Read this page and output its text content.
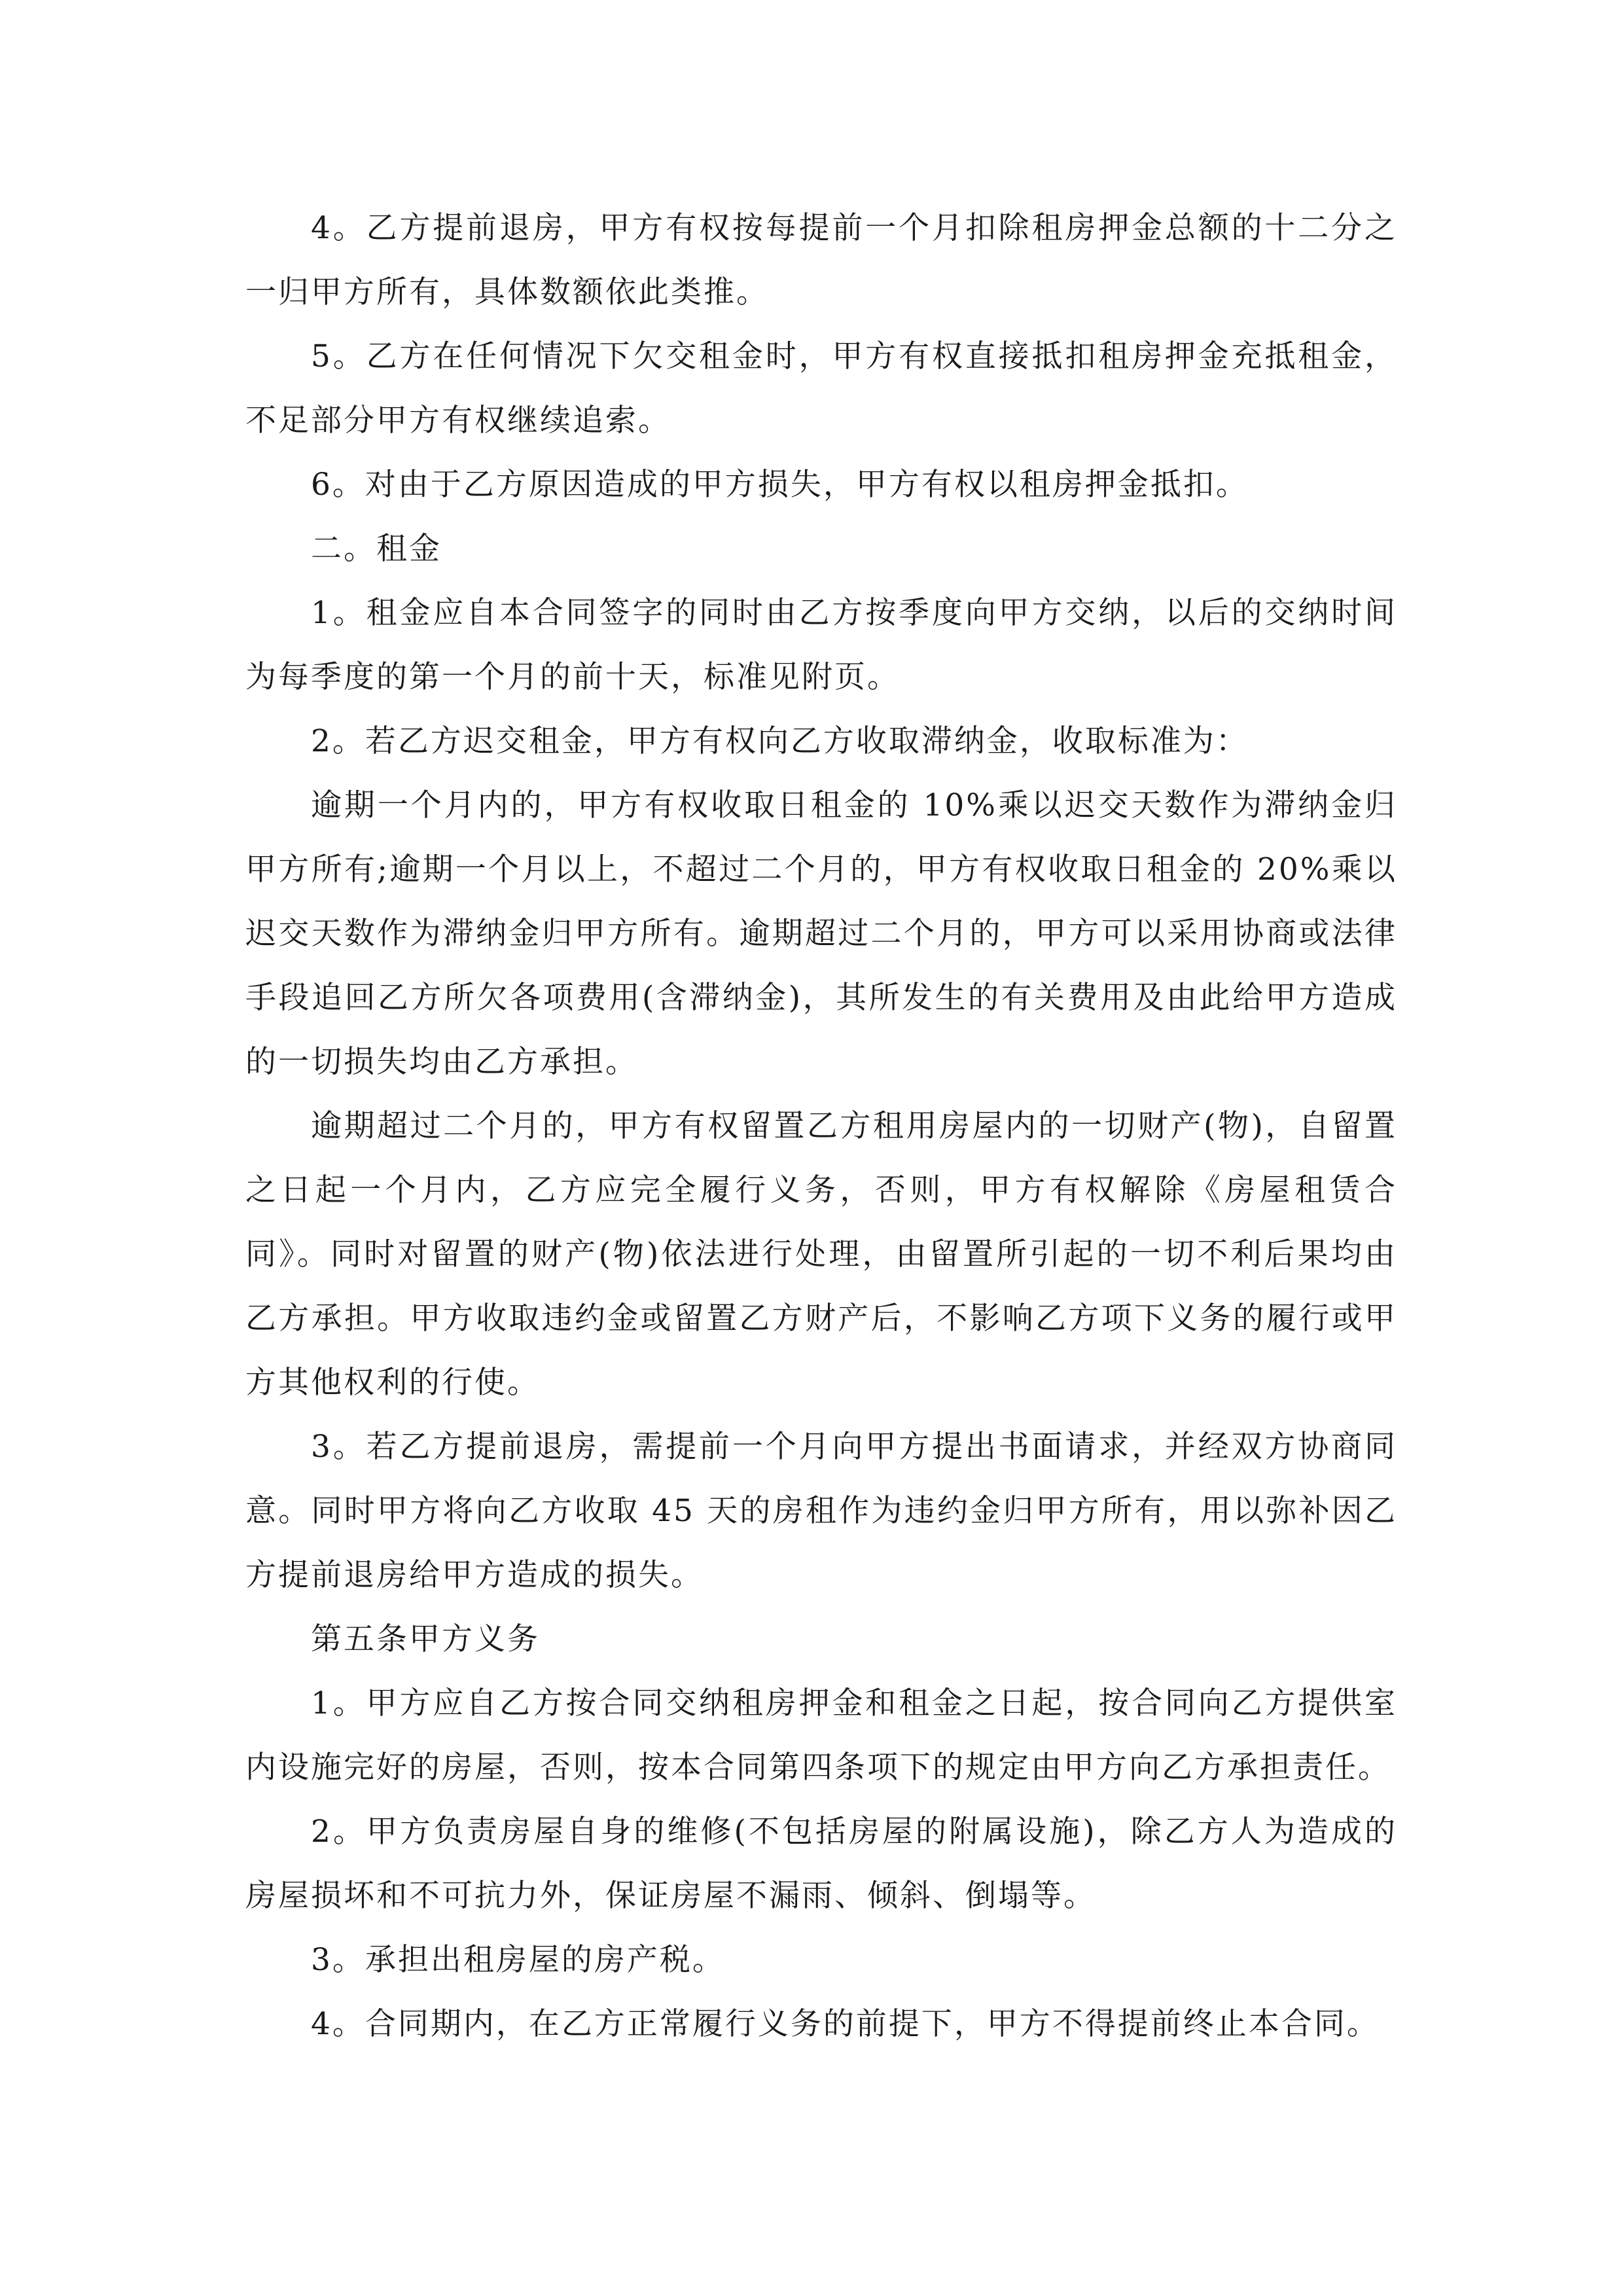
4。乙方提前退房，甲方有权按每提前一个月扣除租房押金总额的十二分之一归甲方所有，具体数额依此类推。

5。乙方在任何情况下欠交租金时，甲方有权直接抵扣租房押金充抵租金，不足部分甲方有权继续追索。

6。对由于乙方原因造成的甲方损失，甲方有权以租房押金抵扣。

二。租金

1。租金应自本合同签字的同时由乙方按季度向甲方交纳，以后的交纳时间为每季度的第一个月的前十天，标准见附页。

2。若乙方迟交租金，甲方有权向乙方收取滞纳金，收取标准为：

逾期一个月内的，甲方有权收取日租金的 10%乘以迟交天数作为滞纳金归甲方所有;逾期一个月以上，不超过二个月的，甲方有权收取日租金的 20%乘以迟交天数作为滞纳金归甲方所有。逾期超过二个月的，甲方可以采用协商或法律手段追回乙方所欠各项费用(含滞纳金)，其所发生的有关费用及由此给甲方造成的一切损失均由乙方承担。

逾期超过二个月的，甲方有权留置乙方租用房屋内的一切财产(物)，自留置之日起一个月内，乙方应完全履行义务，否则，甲方有权解除《房屋租赁合同》。同时对留置的财产(物)依法进行处理，由留置所引起的一切不利后果均由乙方承担。甲方收取违约金或留置乙方财产后，不影响乙方项下义务的履行或甲方其他权利的行使。

3。若乙方提前退房，需提前一个月向甲方提出书面请求，并经双方协商同意。同时甲方将向乙方收取 45 天的房租作为违约金归甲方所有，用以弥补因乙方提前退房给甲方造成的损失。

第五条甲方义务

1。甲方应自乙方按合同交纳租房押金和租金之日起，按合同向乙方提供室内设施完好的房屋，否则，按本合同第四条项下的规定由甲方向乙方承担责任。

2。甲方负责房屋自身的维修(不包括房屋的附属设施)，除乙方人为造成的房屋损坏和不可抗力外，保证房屋不漏雨、倾斜、倒塌等。

3。承担出租房屋的房产税。

4。合同期内，在乙方正常履行义务的前提下，甲方不得提前终止本合同。
